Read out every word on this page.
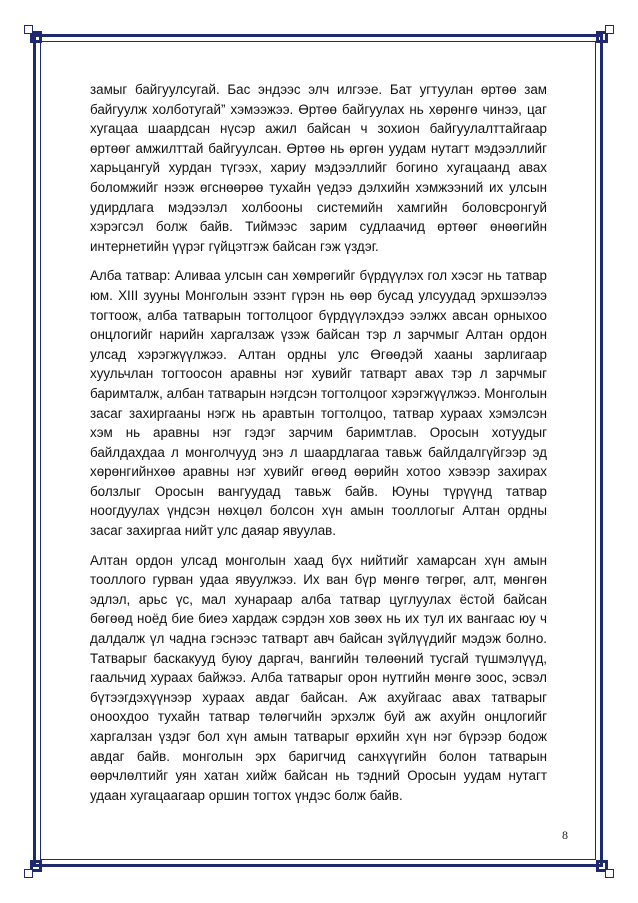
замыг байгуулсугай. Бас эндээс элч илгээе. Бат угтуулан өртөө зам байгуулж холботугай” хэмээжээ. Өртөө байгуулах нь хөрөнгө чинээ, цаг хугацаа шаардсан нүсэр ажил байсан ч зохион байгуулалттайгаар өртөөг амжилттай байгуулсан. Өртөө нь өргөн уудам нутагт мэдээллийг харьцангуй хурдан түгээх, хариу мэдээллийг богино хугацаанд авах боломжийг нээж өгснөөрөө тухайн үедээ дэлхийн хэмжээний их улсын удирдлага мэдээлэл холбооны системийн хамгийн боловсронгуй хэрэгсэл болж байв. Тиймээс зарим судлаачид өртөөг өнөөгийн интернетийн үүрэг гүйцэтгэж байсан гэж үздэг.

Алба татвар: Аливаа улсын сан хөмрөгийг бүрдүүлэх гол хэсэг нь татвар юм. XIII зууны Монголын эзэнт гүрэн нь өөр бусад улсуудад эрхшээлээ тогтоож, алба татварын тогтолцоог бүрдүүлэхдээ ээлжх авсан орныхоо онцлогийг нарийн харгалзаж үзэж байсан тэр л зарчмыг Алтан ордон улсад хэрэгжүүлжээ. Алтан ордны улс Өгөөдэй хааны зарлигаар хуульчлан тогтоосон аравны нэг хувийг татварт авах тэр л зарчмыг баримталж, албан татварын нэгдсэн тогтолцоог хэрэгжүүлжээ. Монголын засаг захиргааны нэгж нь аравтын тогтолцоо, татвар хураах хэмэлсэн хэм нь аравны нэг гэдэг зарчим баримтлав. Оросын хотуудыг байлдахдаа л монголчууд энэ л шаардлагаа тавьж байлдалгүйгээр эд хөрөнгийнхөө аравны нэг хувийг өгөөд өөрийн хотоо хэвээр захирах болзлыг Оросын вангуудад тавьж байв. Юуны түрүүнд татвар ноогдуулах үндсэн нөхцөл болсон хүн амын тооллогыг Алтан ордны засаг захиргаа нийт улс даяар явуулав.

Алтан ордон улсад монголын хаад бүх нийтийг хамарсан хүн амын тооллого гурван удаа явуулжээ. Их ван бүр мөнгө төгрөг, алт, мөнгөн эдлэл, арьс үс, мал хунараар алба татвар цуглуулах ёстой байсан бөгөөд ноёд бие биеэ хардаж сэрдэн хов зөөх нь их тул их вангаас юу ч далдалж үл чадна гэснээс татварт авч байсан зүйлүүдийг мэдэж болно. Татварыг баскакууд буюу даргач, вангийн төлөөний тусгай түшмэлүүд, гаальчид хураах байжээ. Алба татварыг орон нутгийн мөнгө зоос, эсвэл бүтээгдэхүүнээр хураах авдаг байсан. Аж ахуйгаас авах татварыг оноохдоо тухайн татвар төлөгчийн эрхэлж буй аж ахуйн онцлогийг харгалзан үздэг бол хүн амын татварыг өрхийн хүн нэг бүрээр бодож авдаг байв. монголын эрх баригчид санхүүгийн болон татварын өөрчлөлтийг уян хатан хийж байсан нь тэдний Оросын уудам нутагт удаан хугацаагаар оршин тогтох үндэс болж байв.

8
